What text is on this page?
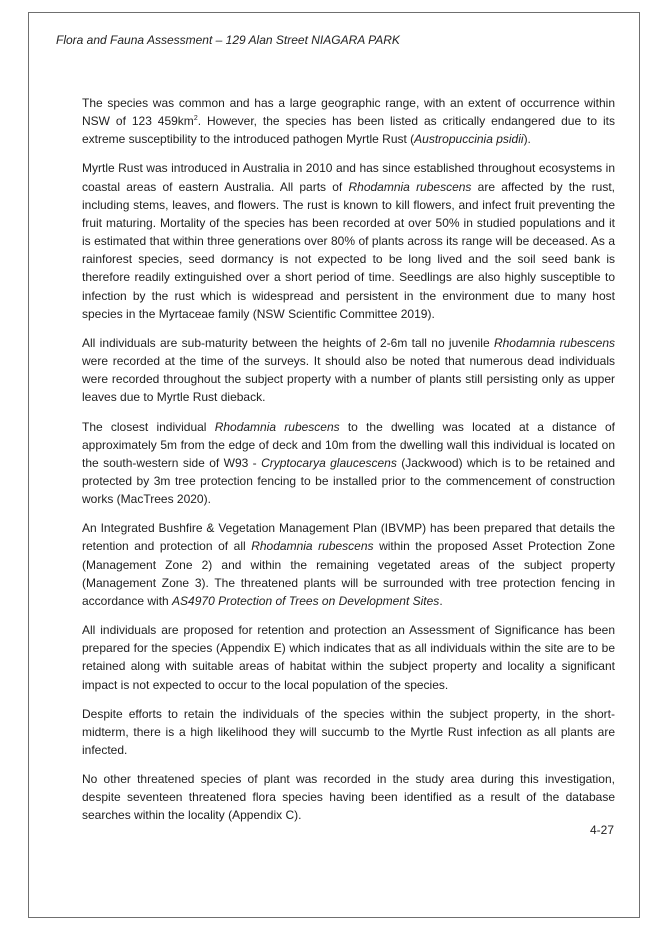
Flora and Fauna Assessment – 129 Alan Street NIAGARA PARK

The species was common and has a large geographic range, with an extent of occurrence within NSW of 123 $459km^2$. However, the species has been listed as critically endangered due to its extreme susceptibility to the introduced pathogen Myrtle Rust (Austropuccinia psidii).

Myrtle Rust was introduced in Australia in 2010 and has since established throughout ecosystems in coastal areas of eastern Australia. All parts of Rhodamnia rubescens are affected by the rust, including stems, leaves, and flowers. The rust is known to kill flowers, and infect fruit preventing the fruit maturing. Mortality of the species has been recorded at over 50% in studied populations and it is estimated that within three generations over 80% of plants across its range will be deceased. As a rainforest species, seed dormancy is not expected to be long lived and the soil seed bank is therefore readily extinguished over a short period of time. Seedlings are also highly susceptible to infection by the rust which is widespread and persistent in the environment due to many host species in the Myrtaceae family (NSW Scientific Committee 2019).

All individuals are sub-maturity between the heights of 2-6m tall no juvenile Rhodamnia rubescens were recorded at the time of the surveys. It should also be noted that numerous dead individuals were recorded throughout the subject property with a number of plants still persisting only as upper leaves due to Myrtle Rust dieback.

The closest individual Rhodamnia rubescens to the dwelling was located at a distance of approximately 5m from the edge of deck and 10m from the dwelling wall this individual is located on the south-western side of W93 - Cryptocarya glaucescens (Jackwood) which is to be retained and protected by 3m tree protection fencing to be installed prior to the commencement of construction works (MacTrees 2020).

An Integrated Bushfire & Vegetation Management Plan (IBVMP) has been prepared that details the retention and protection of all Rhodamnia rubescens within the proposed Asset Protection Zone (Management Zone 2) and within the remaining vegetated areas of the subject property (Management Zone 3). The threatened plants will be surrounded with tree protection fencing in accordance with AS4970 Protection of Trees on Development Sites.

All individuals are proposed for retention and protection an Assessment of Significance has been prepared for the species (Appendix E) which indicates that as all individuals within the site are to be retained along with suitable areas of habitat within the subject property and locality a significant impact is not expected to occur to the local population of the species.

Despite efforts to retain the individuals of the species within the subject property, in the short- midterm, there is a high likelihood they will succumb to the Myrtle Rust infection as all plants are infected.

No other threatened species of plant was recorded in the study area during this investigation, despite seventeen threatened flora species having been identified as a result of the database searches within the locality (Appendix C).

4-27
